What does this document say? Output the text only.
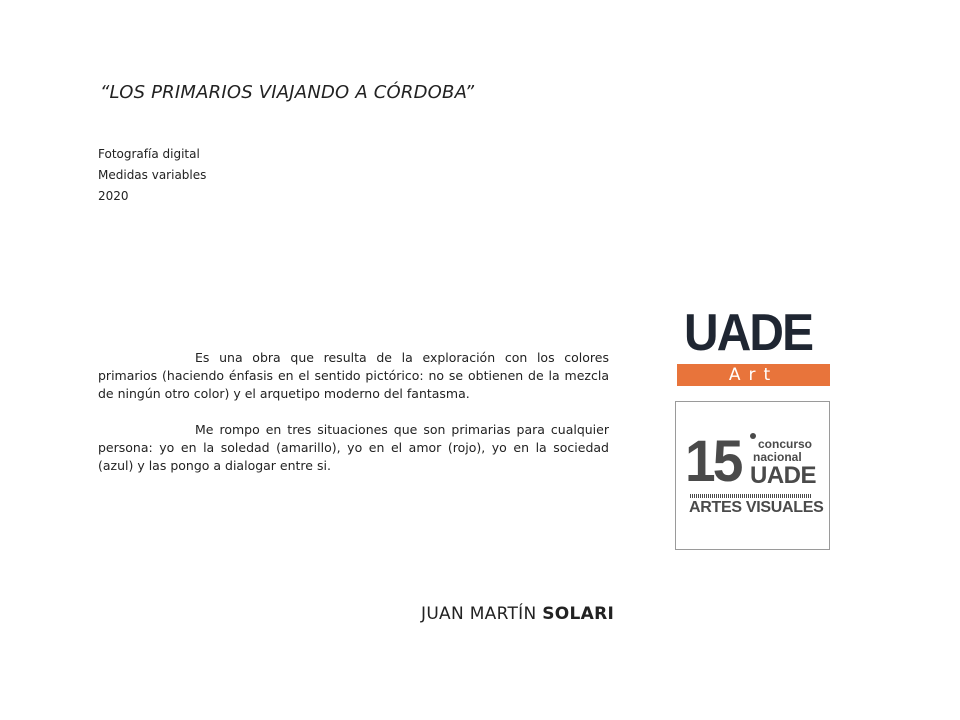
“LOS PRIMARIOS VIAJANDO A CÓRDOBA”
Fotografía digital
Medidas variables
2020

Es una obra que resulta de la exploración con los colores primarios (haciendo énfasis en el sentido pictórico: no se obtienen de la mezcla de ningún otro color) y el arquetipo moderno del fantasma.

Me rompo en tres situaciones que son primarias para cualquier persona: yo en la soledad (amarillo), yo en el amor (rojo), yo en la sociedad (azul) y las pongo a dialogar entre si.

JUAN MARTÍN SOLARI
UADE
Art
15 concurso
nacional
UADE
ARTES VISUALES
